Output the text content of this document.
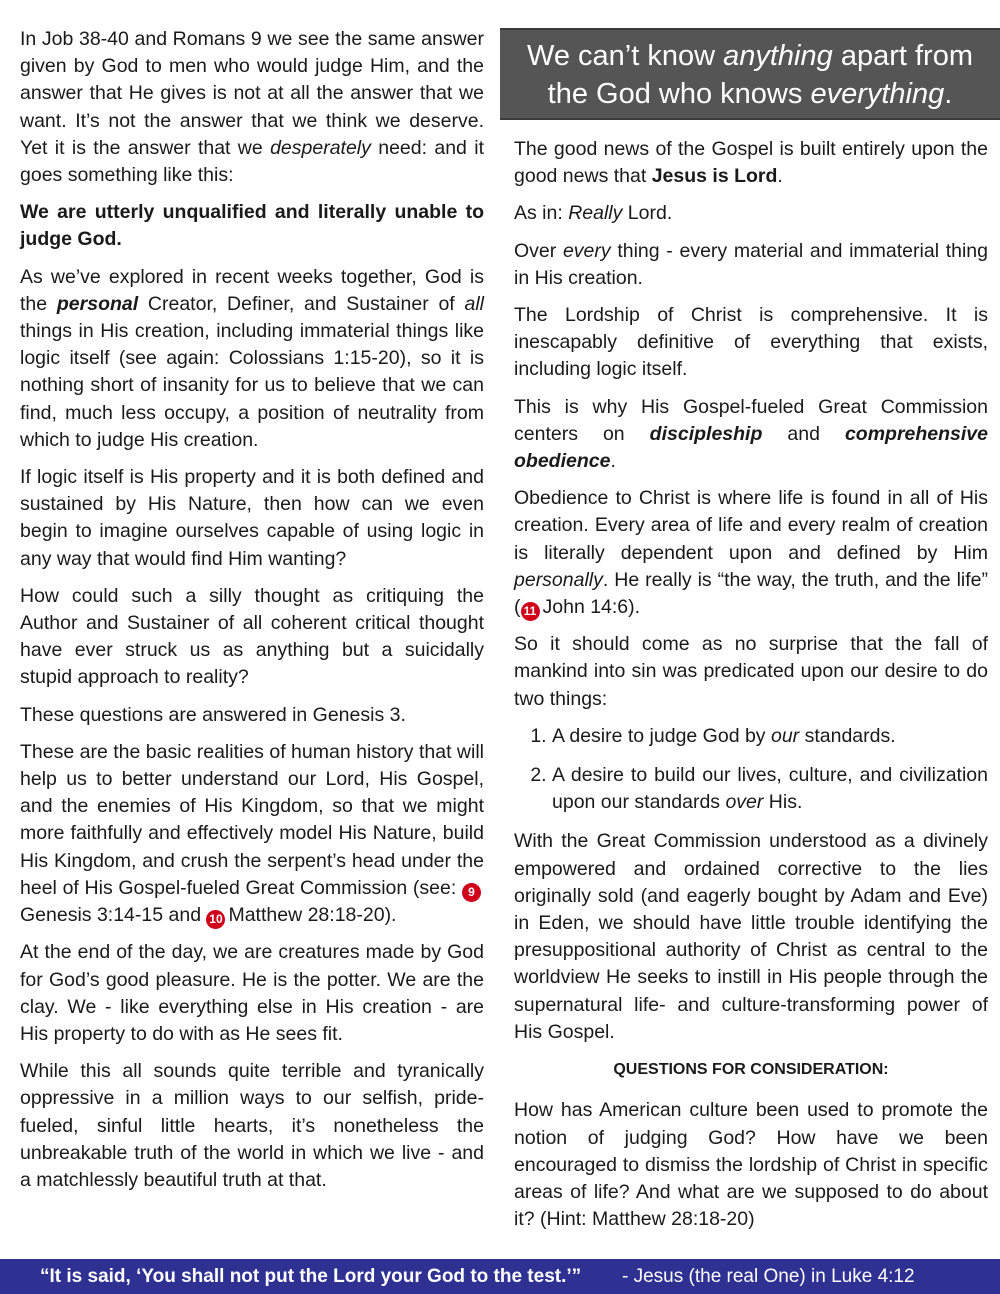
In Job 38-40 and Romans 9 we see the same answer given by God to men who would judge Him, and the answer that He gives is not at all the answer that we want. It’s not the answer that we think we deserve. Yet it is the answer that we desperately need: and it goes something like this:

We are utterly unqualified and literally unable to judge God.

As we’ve explored in recent weeks together, God is the personal Creator, Definer, and Sustainer of all things in His creation, including immaterial things like logic itself (see again: Colossians 1:15-20), so it is nothing short of insanity for us to believe that we can find, much less occupy, a position of neutrality from which to judge His creation.

If logic itself is His property and it is both defined and sustained by His Nature, then how can we even begin to imagine ourselves capable of using logic in any way that would find Him wanting?

How could such a silly thought as critiquing the Author and Sustainer of all coherent critical thought have ever struck us as anything but a suicidally stupid approach to reality?

These questions are answered in Genesis 3.

These are the basic realities of human history that will help us to better understand our Lord, His Gospel, and the enemies of His Kingdom, so that we might more faithfully and effectively model His Nature, build His Kingdom, and crush the serpent’s head under the heel of His Gospel-fueled Great Commission (see: 9Genesis 3:14-15 and 10 Matthew 28:18-20).

At the end of the day, we are creatures made by God for God’s good pleasure. He is the potter. We are the clay. We - like everything else in His creation - are His property to do with as He sees fit.

While this all sounds quite terrible and tyranically oppressive in a million ways to our selfish, pride-fueled, sinful little hearts, it’s nonetheless the unbreakable truth of the world in which we live - and a matchlessly beautiful truth at that.

We can’t know anything apart from
the God who knows everything.

The good news of the Gospel is built entirely upon the good news that Jesus is Lord.

As in: Really Lord.

Over every thing - every material and immaterial thing in His creation.

The Lordship of Christ is comprehensive. It is inescapably definitive of everything that exists, including logic itself.

This is why His Gospel-fueled Great Commission centers on discipleship and comprehensive obedience.

Obedience to Christ is where life is found in all of His creation. Every area of life and every realm of creation is literally dependent upon and defined by Him personally. He really is “the way, the truth, and the life” ( 11 John 14:6).

So it should come as no surprise that the fall of mankind into sin was predicated upon our desire to do two things:

1. A desire to judge God by our standards.
2. A desire to build our lives, culture, and civilization upon our standards over His.

With the Great Commission understood as a divinely empowered and ordained corrective to the lies originally sold (and eagerly bought by Adam and Eve) in Eden, we should have little trouble identifying the presuppositional authority of Christ as central to the worldview He seeks to instill in His people through the supernatural life- and culture-transforming power of His Gospel.

QUESTIONS FOR CONSIDERATION:

How has American culture been used to promote the notion of judging God? How have we been encouraged to dismiss the lordship of Christ in specific areas of life? And what are we supposed to do about it? (Hint: Matthew 28:18-20)

“It is said, ‘You shall not put the Lord your God to the test.’” - Jesus (the real One) in Luke 4:12
